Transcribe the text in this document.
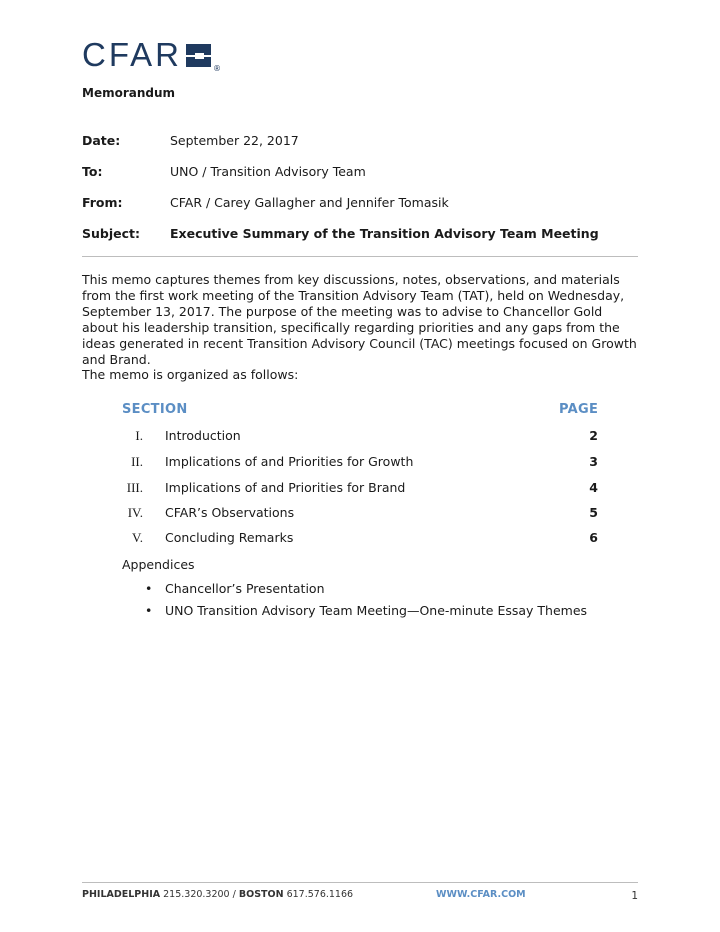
CFAR	®
Memorandum
Date:	September 22, 2017
To:	UNO / Transition Advisory Team
From:	CFAR / Carey Gallagher and Jennifer Tomasik
Subject:	Executive Summary of the Transition Advisory Team Meeting
This memo captures themes from key discussions, notes, observations, and materials from the first work meeting of the Transition Advisory Team (TAT), held on Wednesday, September 13, 2017. The purpose of the meeting was to advise to Chancellor Gold about his leadership transition, specifically regarding priorities and any gaps from the ideas generated in recent Transition Advisory Council (TAC) meetings focused on Growth and Brand.
The memo is organized as follows:
SECTION	PAGE
I. Introduction	2
II. Implications of and Priorities for Growth	3
III. Implications of and Priorities for Brand	4
IV. CFAR’s Observations	5
V. Concluding Remarks	6
Appendices
•	Chancellor’s Presentation
•	UNO Transition Advisory Team Meeting—One-minute Essay Themes
PHILADELPHIA 215.320.3200 / BOSTON 617.576.1166	WWW.CFAR.COM	1
